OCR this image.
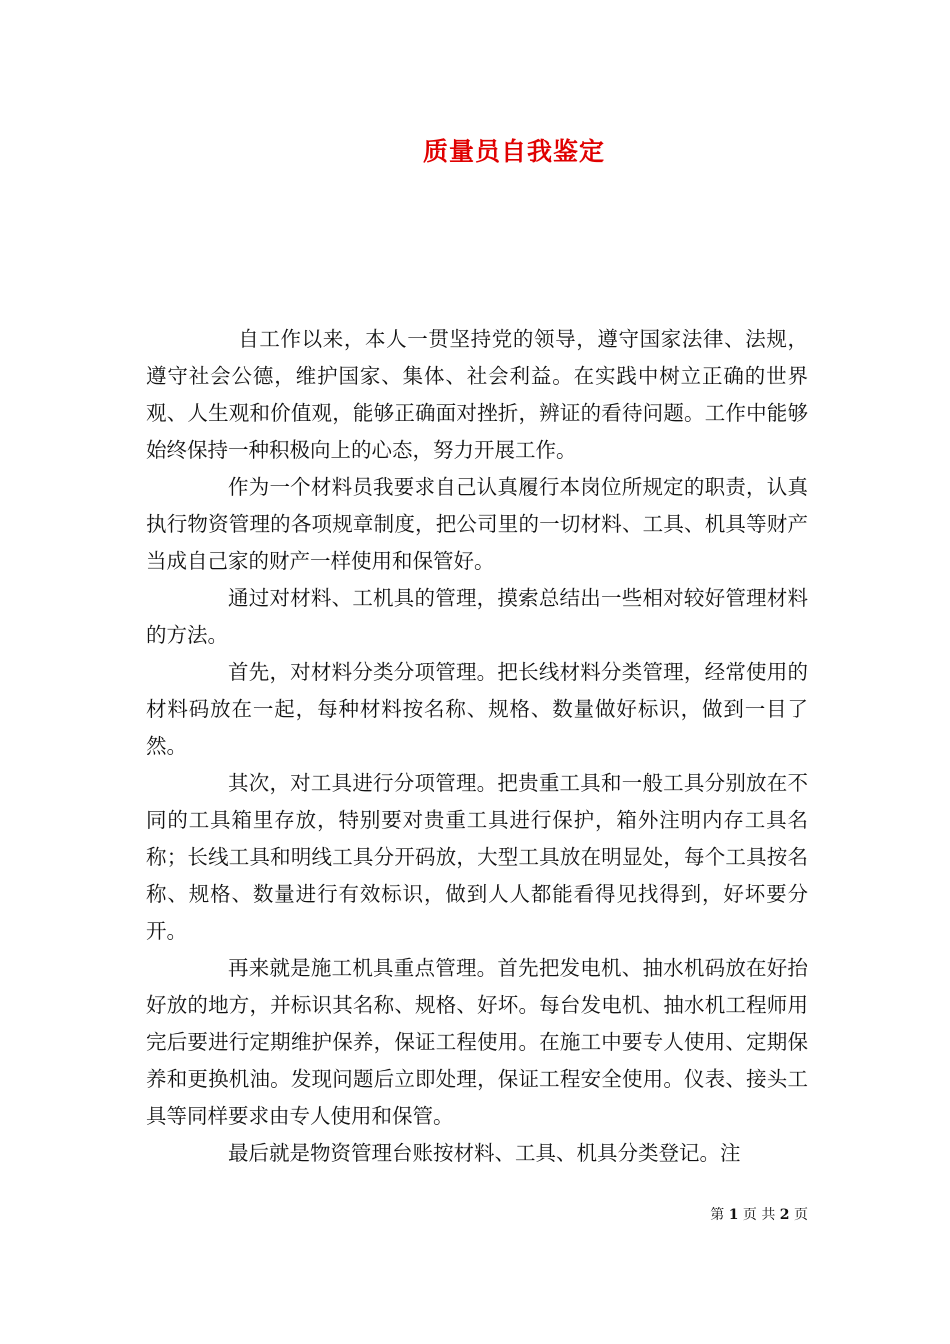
质量员自我鉴定

自工作以来，本人一贯坚持党的领导，遵守国家法律、法规，遵守社会公德，维护国家、集体、社会利益。在实践中树立正确的世界观、人生观和价值观，能够正确面对挫折，辨证的看待问题。工作中能够始终保持一种积极向上的心态，努力开展工作。

作为一个材料员我要求自己认真履行本岗位所规定的职责，认真执行物资管理的各项规章制度，把公司里的一切材料、工具、机具等财产当成自己家的财产一样使用和保管好。

通过对材料、工机具的管理，摸索总结出一些相对较好管理材料的方法。

首先，对材料分类分项管理。把长线材料分类管理，经常使用的材料码放在一起，每种材料按名称、规格、数量做好标识，做到一目了然。

其次，对工具进行分项管理。把贵重工具和一般工具分别放在不同的工具箱里存放，特别要对贵重工具进行保护，箱外注明内存工具名称；长线工具和明线工具分开码放，大型工具放在明显处，每个工具按名称、规格、数量进行有效标识，做到人人都能看得见找得到，好坏要分开。

再来就是施工机具重点管理。首先把发电机、抽水机码放在好抬好放的地方，并标识其名称、规格、好坏。每台发电机、抽水机工程师用完后要进行定期维护保养，保证工程使用。在施工中要专人使用、定期保养和更换机油。发现问题后立即处理，保证工程安全使用。仪表、接头工具等同样要求由专人使用和保管。

最后就是物资管理台账按材料、工具、机具分类登记。注

第 1 页 共 2 页
